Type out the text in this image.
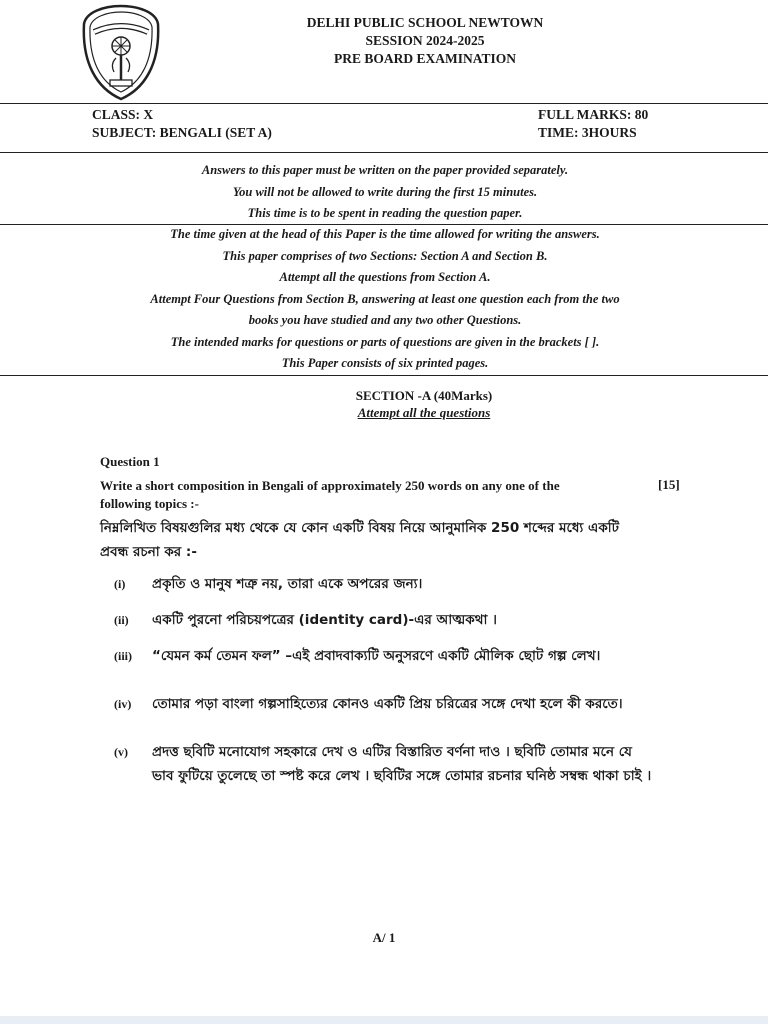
DELHI PUBLIC SCHOOL NEWTOWN
SESSION 2024-2025
PRE BOARD EXAMINATION
CLASS: X
SUBJECT: BENGALI (SET A)
FULL MARKS: 80
TIME: 3HOURS

Answers to this paper must be written on the paper provided separately.

You will not be allowed to write during the first 15 minutes.

This time is to be spent in reading the question paper.

The time given at the head of this Paper is the time allowed for writing the answers.

This paper comprises of two Sections: Section A and Section B.

Attempt all the questions from Section A.

Attempt Four Questions from Section B, answering at least one question each from the two

books you have studied and any two other Questions.

The intended marks for questions or parts of questions are given in the brackets [ ].

This Paper consists of six printed pages.

SECTION -A (40Marks)
Attempt all the questions
Question 1
Write a short composition in Bengali of approximately 250 words on any one of the following topics :-
[15]
নিম্নলিখিত বিষয়গুলির মধ্য থেকে যে কোন একটি বিষয় নিয়ে আনুমানিক 250 শব্দের মধ্যে একটি প্রবন্ধ রচনা কর :-
(i)	প্রকৃতি ও মানুষ শত্রু নয়, তারা একে অপরের জন্য।
(ii)	একটি পুরনো পরিচয়পত্রের (identity card)-এর আত্মকথা ।
(iii)	“যেমন কর্ম তেমন ফল” –এই প্রবাদবাক্যটি অনুসরণে একটি মৌলিক ছোট গল্প লেখ।
(iv)	তোমার পড়া বাংলা গল্পসাহিত্যের কোনও একটি প্রিয় চরিত্রের সঙ্গে দেখা হলে কী করতে।
(v)	প্রদত্ত ছবিটি মনোযোগ সহকারে দেখ ও এটির বিস্তারিত বর্ণনা দাও । ছবিটি তোমার মনে যে ভাব ফুটিয়ে তুলেছে তা স্পষ্ট করে লেখ । ছবিটির সঙ্গে তোমার রচনার ঘনিষ্ঠ সম্বন্ধ থাকা চাই ।
A/ 1
